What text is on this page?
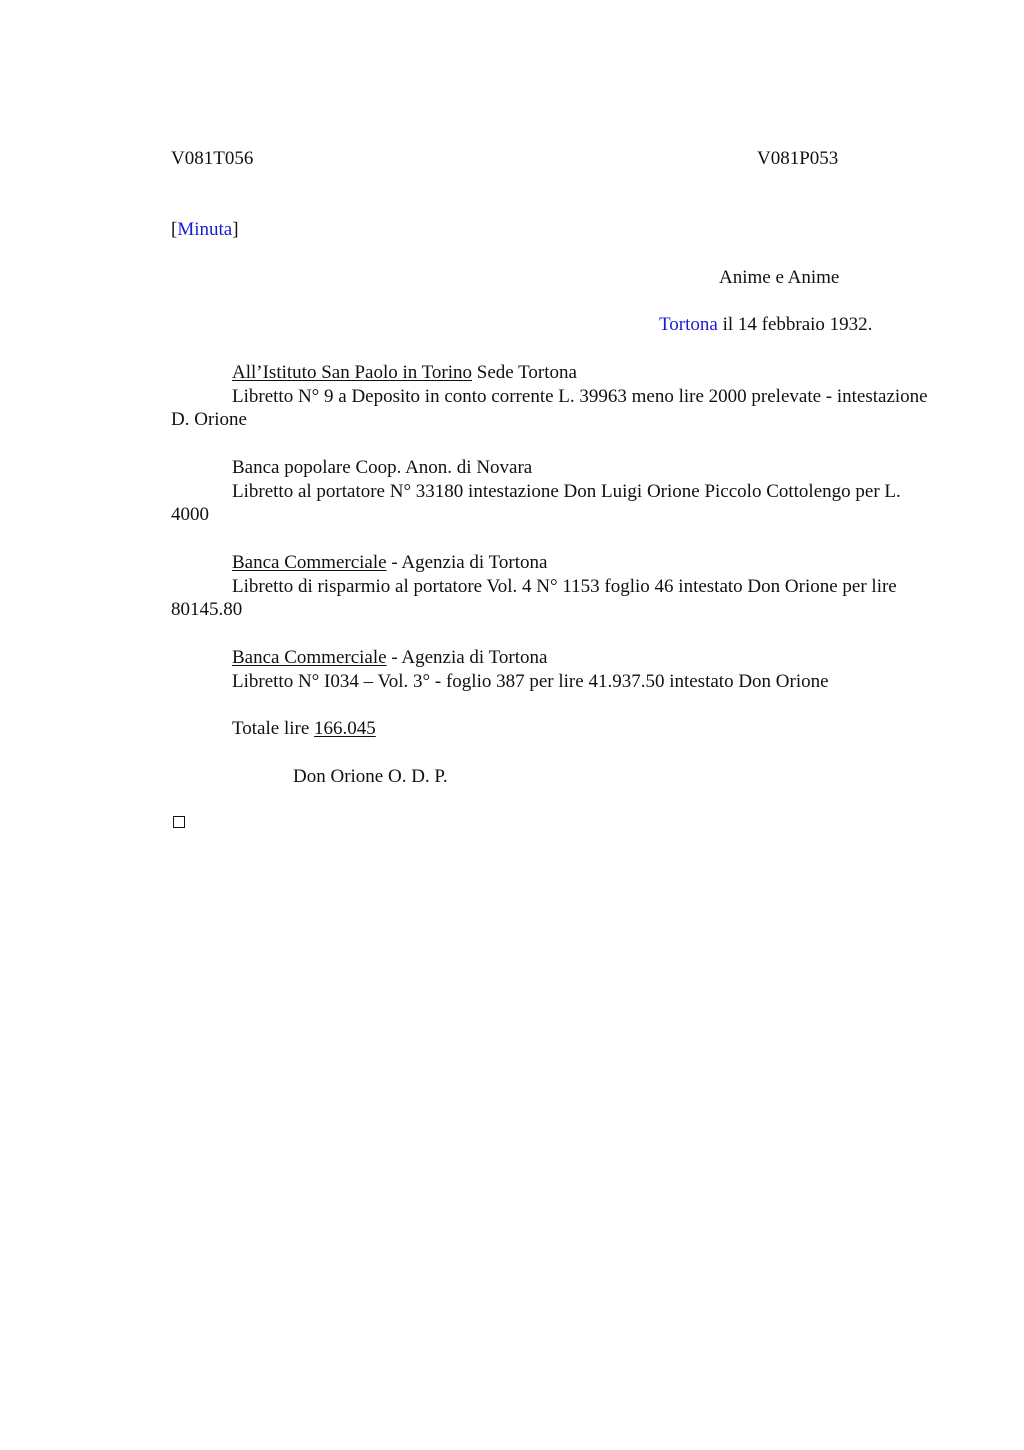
V081T056	V081P053
[Minuta]
Anime e Anime
Tortona il 14 febbraio 1932.
All’Istituto San Paolo in Torino Sede Tortona
Libretto N° 9 a Deposito in conto corrente L. 39963 meno lire 2000 prelevate - intestazione D. Orione
Banca popolare Coop. Anon. di Novara
Libretto al portatore N° 33180 intestazione Don Luigi Orione Piccolo Cottolengo per L. 4000
Banca Commerciale - Agenzia di Tortona
Libretto di risparmio al portatore Vol. 4 N° 1153 foglio 46 intestato Don Orione per lire 80145.80
Banca Commerciale - Agenzia di Tortona
Libretto N° I034 – Vol. 3° - foglio 387 per lire 41.937.50 intestato Don Orione
Totale lire 166.045
Don Orione O. D. P.
